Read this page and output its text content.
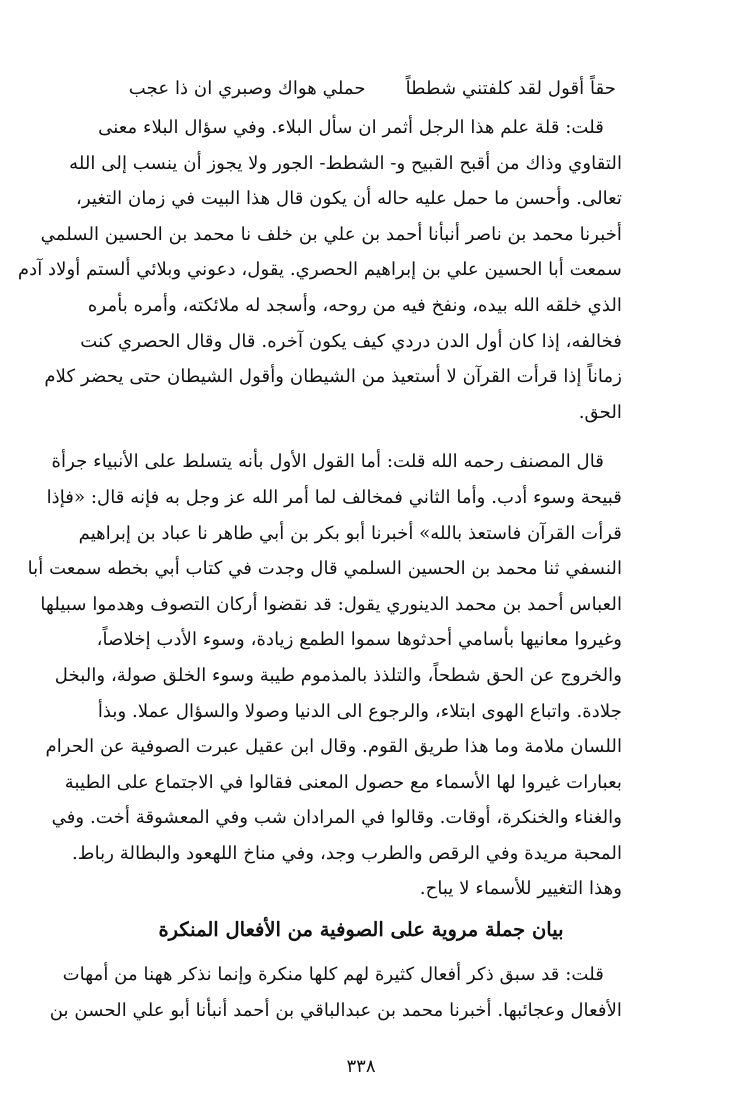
حقاً أقول لقد كلفتني شططاً
حملي هواك وصبري ان ذا عجب
قلت: قلة علم هذا الرجل أثمر ان سأل البلاء. وفي سؤال البلاء معنى
التقاوي وذاك من أقبح القبيح و- الشطط- الجور ولا يجوز أن ينسب إلى الله
تعالى. وأحسن ما حمل عليه حاله أن يكون قال هذا البيت في زمان التغير،
أخبرنا محمد بن ناصر أنبأنا أحمد بن علي بن خلف نا محمد بن الحسين السلمي
سمعت أبا الحسين علي بن إبراهيم الحصري. يقول، دعوني وبلائي ألستم أولاد آدم
الذي خلقه الله بيده، ونفخ فيه من روحه، وأسجد له ملائكته، وأمره بأمره
فخالفه، إذا كان أول الدن دردي كيف يكون آخره. قال وقال الحصري كنت
زماناً إذا قرأت القرآن لا أستعيذ من الشيطان وأقول الشيطان حتى يحضر كلام
الحق.
قال المصنف رحمه الله قلت: أما القول الأول بأنه يتسلط على الأنبياء جرأة
قبيحة وسوء أدب. وأما الثاني فمخالف لما أمر الله عز وجل به فإنه قال: «فإذا
قرأت القرآن فاستعذ بالله» أخبرنا أبو بكر بن أبي طاهر نا عباد بن إبراهيم
النسفي ثنا محمد بن الحسين السلمي قال وجدت في كتاب أبي بخطه سمعت أبا
العباس أحمد بن محمد الدينوري يقول: قد نقضوا أركان التصوف وهدموا سبيلها
وغيروا معانيها بأسامي أحدثوها سموا الطمع زيادة، وسوء الأدب إخلاصاً،
والخروج عن الحق شطحاً، والتلذذ بالمذموم طيبة وسوء الخلق صولة، والبخل
جلادة. واتباع الهوى ابتلاء، والرجوع الى الدنيا وصولا والسؤال عملا. وبذأ
اللسان ملامة وما هذا طريق القوم. وقال ابن عقيل عبرت الصوفية عن الحرام
بعبارات غيروا لها الأسماء مع حصول المعنى فقالوا في الاجتماع على الطيبة
والغناء والخنكرة، أوقات. وقالوا في المرادان شب وفي المعشوقة أخت. وفي
المحبة مريدة وفي الرقص والطرب وجد، وفي مناخ اللهعود والبطالة رباط.
وهذا التغيير للأسماء لا يباح.
بيان جملة مروية على الصوفية من الأفعال المنكرة
قلت: قد سبق ذكر أفعال كثيرة لهم كلها منكرة وإنما نذكر ههنا من أمهات
الأفعال وعجائبها. أخبرنا محمد بن عبدالباقي بن أحمد أنبأنا أبو علي الحسن بن
٣٣٨
